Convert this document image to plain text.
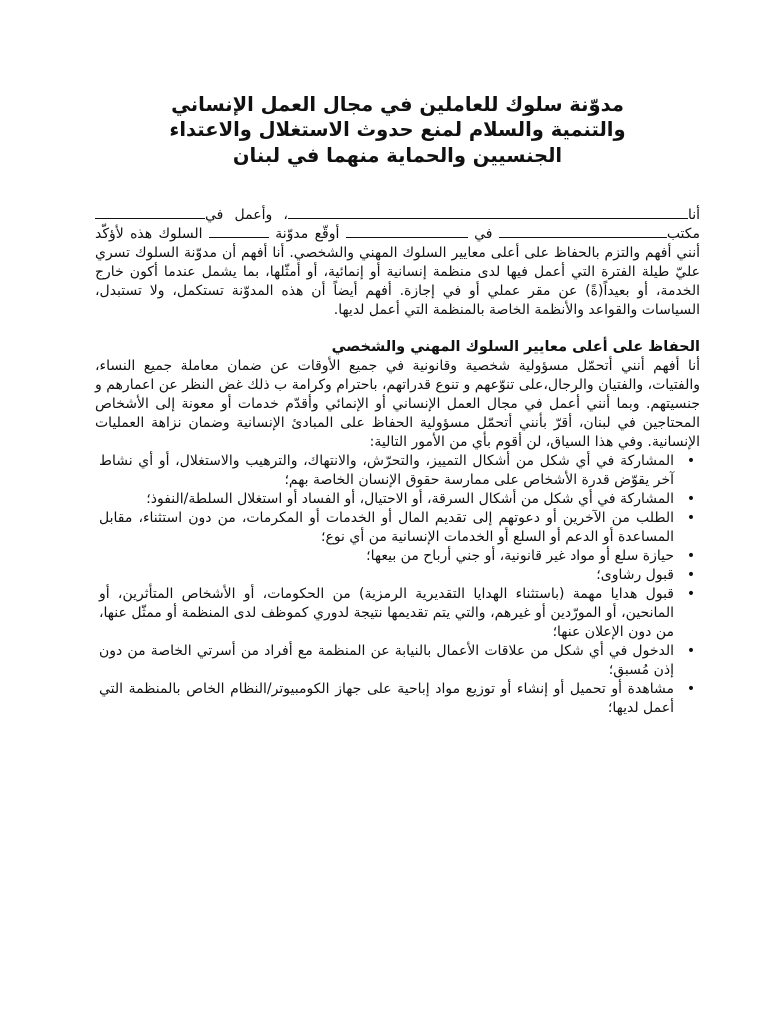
مدوّنة سلوك للعاملين في مجال العمل الإنساني
والتنمية والسلام لمنع حدوث الاستغلال والاعتداء
الجنسيين والحماية منهما في لبنان

أنا، وأعمل في مكتب في  أوقّع مدوّنة  السلوك هذه لأؤكّد أنني أفهم والتزم بالحفاظ على أعلى معايير السلوك المهني والشخصي. أنا أفهم أن مدوّنة السلوك تسري عليّ طيلة الفترة التي أعمل فيها لدى منظمة إنسانية أو إنمائية، أو أمثّلها، بما يشمل عندما أكون خارج الخدمة، أو بعيداً(ةً) عن مقر عملي أو في إجازة. أفهم أيضاً أن هذه المدوّنة تستكمل، ولا تستبدل، السياسات والقواعد والأنظمة الخاصة بالمنظمة التي أعمل لديها.

الحفاظ على أعلى معايير السلوك المهني والشخصي

أنا أفهم أنني أتحمّل مسؤولية شخصية وقانونية في جميع الأوقات عن ضمان معاملة جميع النساء، والفتيات، والفتيان والرجال،على تنوّعهم و تنوع قدراتهم، باحترام وكرامة ب ذلك غض النظر عن اعمارهم و جنسيتهم. وبما أنني أعمل في مجال العمل الإنساني أو الإنمائي وأقدّم خدمات أو معونة إلى الأشخاص المحتاجين في لبنان، أقرّ بأنني أتحمّل مسؤولية الحفاظ على المبادئ الإنسانية وضمان نزاهة العمليات الإنسانية. وفي هذا السياق، لن أقوم بأي من الأمور التالية:

•
المشاركة في أي شكل من أشكال التمييز، والتحرّش، والانتهاك، والترهيب والاستغلال، أو أي نشاط آخر يقوّض قدرة الأشخاص على ممارسة حقوق الإنسان الخاصة بهم؛
•
المشاركة في أي شكل من أشكال السرقة، أو الاحتيال، أو الفساد أو استغلال السلطة/النفوذ؛
•
الطلب من الآخرين أو دعوتهم إلى تقديم المال أو الخدمات أو المكرمات، من دون استثناء، مقابل المساعدة أو الدعم أو السلع أو الخدمات الإنسانية من أي نوع؛
•
حيازة سلع أو مواد غير قانونية، أو جني أرباح من بيعها؛
•
قبول رشاوى؛
•
قبول هدايا مهمة (باستثناء الهدايا التقديرية الرمزية) من الحكومات، أو الأشخاص المتأثرين، أو المانحين، أو المورّدين أو غيرهم، والتي يتم تقديمها نتيجة لدوري كموظف لدى المنظمة أو ممثّل عنها، من دون الإعلان عنها؛
•
الدخول في أي شكل من علاقات الأعمال بالنيابة عن المنظمة مع أفراد من أسرتي الخاصة من دون إذن مُسبق؛
•
مشاهدة أو تحميل أو إنشاء أو توزيع مواد إباحية على جهاز الكومبيوتر/النظام الخاص بالمنظمة التي أعمل لديها؛
